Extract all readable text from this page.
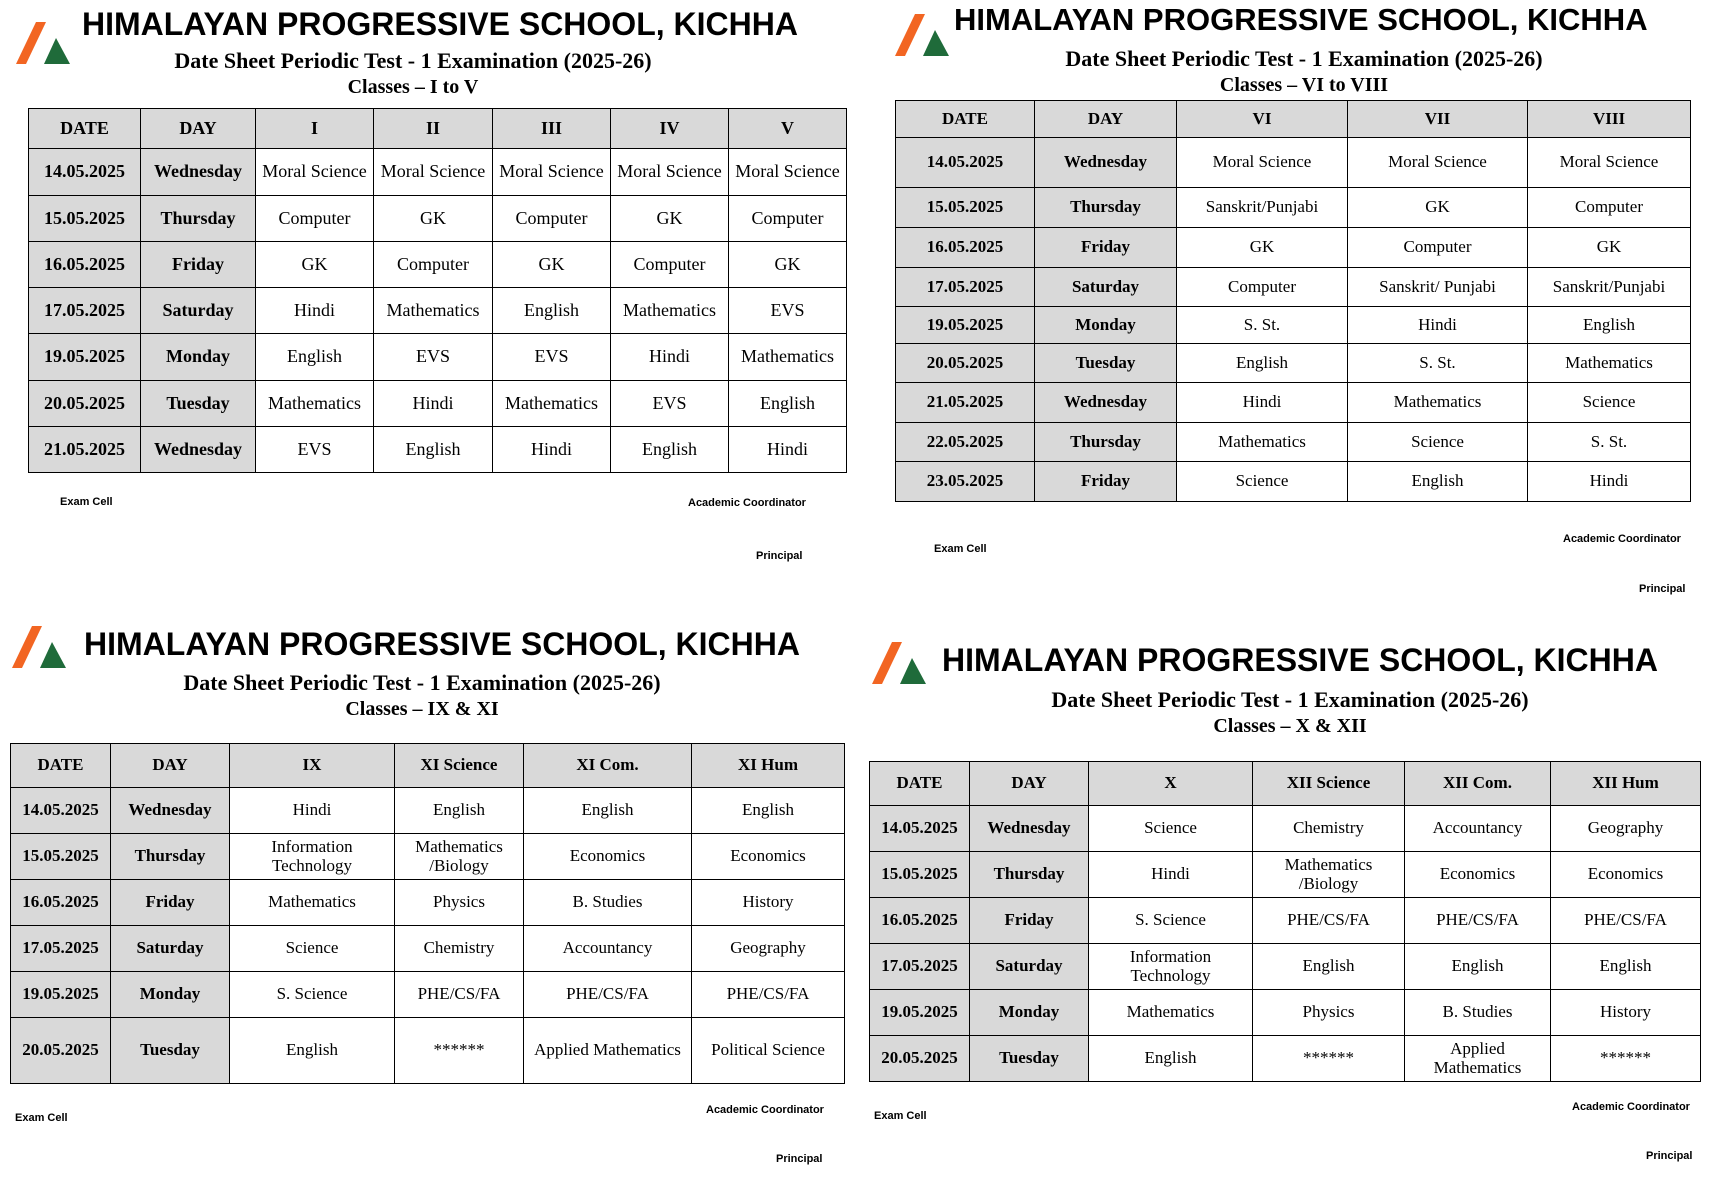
HIMALAYAN PROGRESSIVE SCHOOL, KICHHA
Date Sheet Periodic Test - 1 Examination (2025-26)
Classes – I to V
DATE	DAY	I	II	III	IV	V
14.05.2025	Wednesday	Moral Science	Moral Science	Moral Science	Moral Science	Moral Science
15.05.2025	Thursday	Computer	GK	Computer	GK	Computer
16.05.2025	Friday	GK	Computer	GK	Computer	GK
17.05.2025	Saturday	Hindi	Mathematics	English	Mathematics	EVS
19.05.2025	Monday	English	EVS	EVS	Hindi	Mathematics
20.05.2025	Tuesday	Mathematics	Hindi	Mathematics	EVS	English
21.05.2025	Wednesday	EVS	English	Hindi	English	Hindi
Exam Cell	Academic Coordinator
Principal
HIMALAYAN PROGRESSIVE SCHOOL, KICHHA
Date Sheet Periodic Test - 1 Examination (2025-26)
Classes – VI to VIII
DATE	DAY	VI	VII	VIII
14.05.2025	Wednesday	Moral Science	Moral Science	Moral Science
15.05.2025	Thursday	Sanskrit/Punjabi	GK	Computer
16.05.2025	Friday	GK	Computer	GK
17.05.2025	Saturday	Computer	Sanskrit/ Punjabi	Sanskrit/Punjabi
19.05.2025	Monday	S. St.	Hindi	English
20.05.2025	Tuesday	English	S. St.	Mathematics
21.05.2025	Wednesday	Hindi	Mathematics	Science
22.05.2025	Thursday	Mathematics	Science	S. St.
23.05.2025	Friday	Science	English	Hindi
Exam Cell
Academic Coordinator
Principal
HIMALAYAN PROGRESSIVE SCHOOL, KICHHA
Date Sheet Periodic Test - 1 Examination (2025-26)
Classes – IX & XI
DATE	DAY	IX	XI Science	XI Com.	XI Hum
14.05.2025	Wednesday	Hindi	English	English	English
15.05.2025	Thursday	Information Technology	Mathematics /Biology	Economics	Economics
16.05.2025	Friday	Mathematics	Physics	B. Studies	History
17.05.2025	Saturday	Science	Chemistry	Accountancy	Geography
19.05.2025	Monday	S. Science	PHE/CS/FA	PHE/CS/FA	PHE/CS/FA
20.05.2025	Tuesday	English	******	Applied Mathematics	Political Science
Exam Cell
Academic Coordinator
Principal
HIMALAYAN PROGRESSIVE SCHOOL, KICHHA
Date Sheet Periodic Test - 1 Examination (2025-26)
Classes – X & XII
DATE	DAY	X	XII Science	XII Com.	XII Hum
14.05.2025	Wednesday	Science	Chemistry	Accountancy	Geography
15.05.2025	Thursday	Hindi	Mathematics /Biology	Economics	Economics
16.05.2025	Friday	S. Science	PHE/CS/FA	PHE/CS/FA	PHE/CS/FA
17.05.2025	Saturday	Information Technology	English	English	English
19.05.2025	Monday	Mathematics	Physics	B. Studies	History
20.05.2025	Tuesday	English	******	Applied Mathematics	******
Exam Cell
Academic Coordinator
Principal
